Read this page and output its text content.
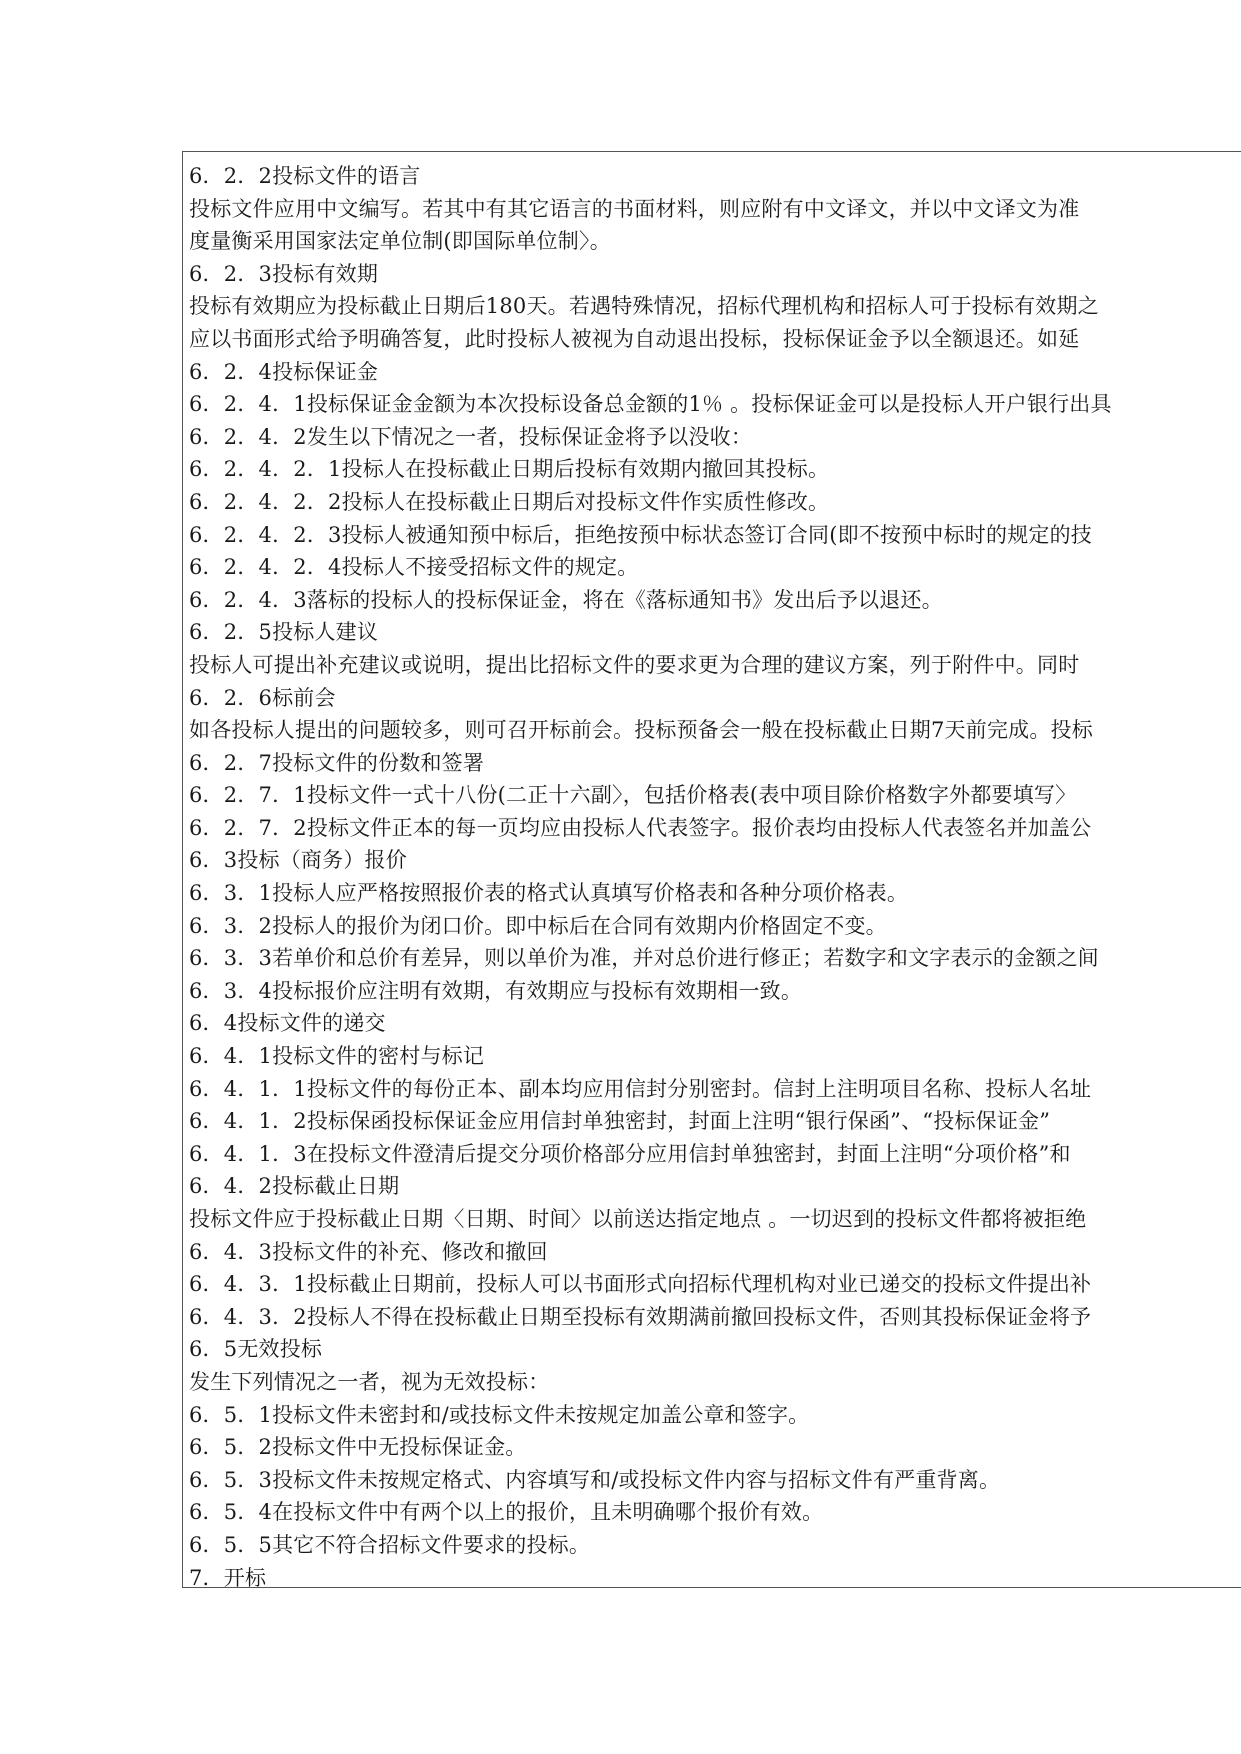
6．2．2投标文件的语言
投标文件应用中文编写。若其中有其它语言的书面材料，则应附有中文译文，并以中文译文为准
度量衡采用国家法定单位制(即国际单位制〉。
6．2．3投标有效期
投标有效期应为投标截止日期后180天。若遇特殊情况，招标代理机构和招标人可于投标有效期之
应以书面形式给予明确答复，此时投标人被视为自动退出投标，投标保证金予以全额退还。如延
6．2．4投标保证金
6．2．4．1投标保证金金额为本次投标设备总金额的1％ 。投标保证金可以是投标人开户银行出具
6．2．4．2发生以下情况之一者，投标保证金将予以没收：
6．2．4．2．1投标人在投标截止日期后投标有效期内撤回其投标。
6．2．4．2．2投标人在投标截止日期后对投标文件作实质性修改。
6．2．4．2．3投标人被通知预中标后，拒绝按预中标状态签订合同(即不按预中标时的规定的技
6．2．4．2．4投标人不接受招标文件的规定。
6．2．4．3落标的投标人的投标保证金，将在《落标通知书》发出后予以退还。
6．2．5投标人建议
投标人可提出补充建议或说明，提出比招标文件的要求更为合理的建议方案，列于附件中。同时
6．2．6标前会
如各投标人提出的问题较多，则可召开标前会。投标预备会一般在投标截止日期7天前完成。投标
6．2．7投标文件的份数和签署
6．2．7．1投标文件一式十八份(二正十六副〉，包括价格表(表中项目除价格数字外都要填写〉
6．2．7．2投标文件正本的每一页均应由投标人代表签字。报价表均由投标人代表签名并加盖公
6．3投标（商务）报价
6．3．1投标人应严格按照报价表的格式认真填写价格表和各种分项价格表。
6．3．2投标人的报价为闭口价。即中标后在合同有效期内价格固定不变。
6．3．3若单价和总价有差异，则以单价为准，并对总价进行修正；若数字和文字表示的金额之间
6．3．4投标报价应注明有效期，有效期应与投标有效期相一致。
6．4投标文件的递交
6．4．1投标文件的密村与标记
6．4．1．1投标文件的每份正本、副本均应用信封分别密封。信封上注明项目名称、投标人名址
6．4．1．2投标保函投标保证金应用信封单独密封，封面上注明“银行保函”、“投标保证金”
6．4．1．3在投标文件澄清后提交分项价格部分应用信封单独密封，封面上注明“分项价格”和
6．4．2投标截止日期
投标文件应于投标截止日期〈日期、时间〉以前送达指定地点 。一切迟到的投标文件都将被拒绝
6．4．3投标文件的补充、修改和撤回
6．4．3．1投标截止日期前，投标人可以书面形式向招标代理机构对业已递交的投标文件提出补
6．4．3．2投标人不得在投标截止日期至投标有效期满前撤回投标文件，否则其投标保证金将予
6．5无效投标
发生下列情况之一者，视为无效投标：
6．5．1投标文件未密封和/或技标文件未按规定加盖公章和签字。
6．5．2投标文件中无投标保证金。
6．5．3投标文件未按规定格式、内容填写和/或投标文件内容与招标文件有严重背离。
6．5．4在投标文件中有两个以上的报价，且未明确哪个报价有效。
6．5．5其它不符合招标文件要求的投标。
7．开标
